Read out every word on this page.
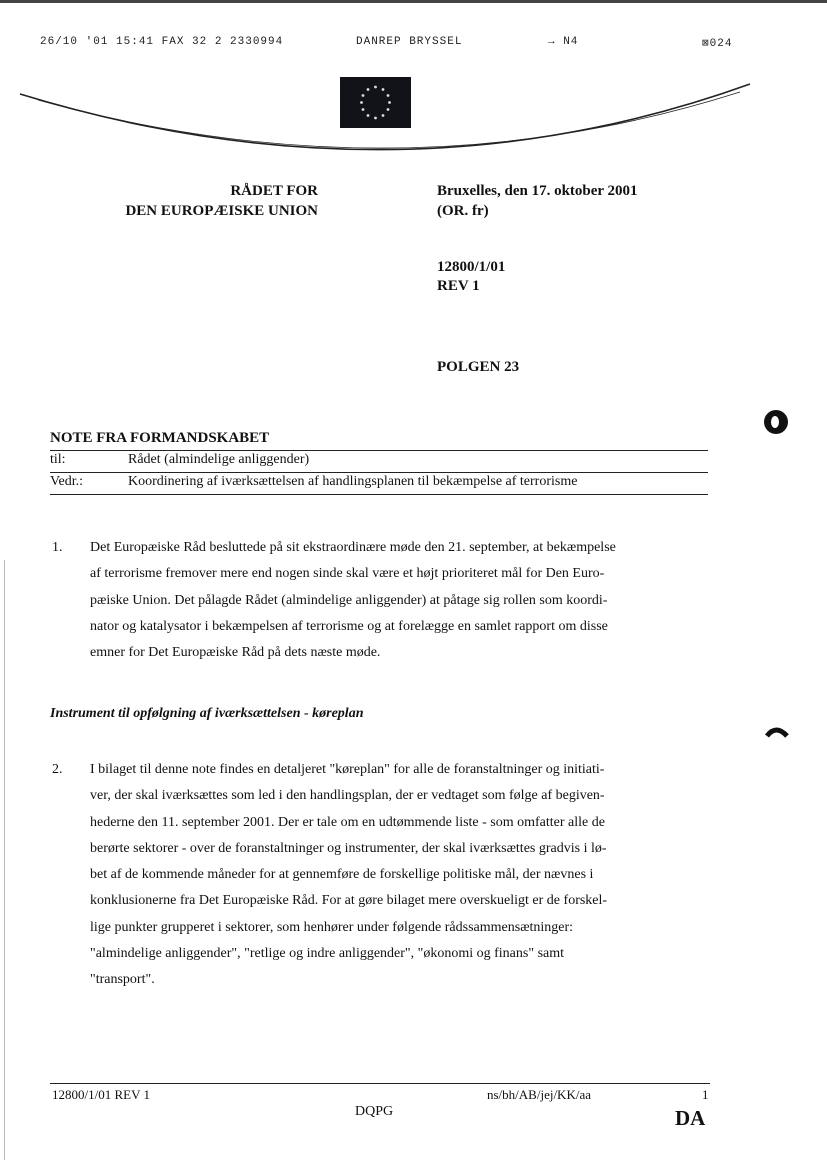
26/10 '01 15:41 FAX 32 2 2330994	DANREP BRYSSEL	→ N4	⊠024
RÅDET FOR
DEN EUROPÆISKE UNION
Bruxelles, den 17. oktober 2001
(OR. fr)
12800/1/01
REV 1
POLGEN 23
NOTE FRA FORMANDSKABET
til:	Rådet (almindelige anliggender)
Vedr.:	Koordinering af iværksættelsen af handlingsplanen til bekæmpelse af terrorisme
1. Det Europæiske Råd besluttede på sit ekstraordinære møde den 21. september, at bekæmpelse
af terrorisme fremover mere end nogen sinde skal være et højt prioriteret mål for Den Euro-
pæiske Union. Det pålagde Rådet (almindelige anliggender) at påtage sig rollen som koordi-
nator og katalysator i bekæmpelsen af terrorisme og at forelægge en samlet rapport om disse
emner for Det Europæiske Råd på dets næste møde.
Instrument til opfølgning af iværksættelsen - køreplan
2. I bilaget til denne note findes en detaljeret "køreplan" for alle de foranstaltninger og initiati-
ver, der skal iværksættes som led i den handlingsplan, der er vedtaget som følge af begiven-
hederne den 11. september 2001. Der er tale om en udtømmende liste - som omfatter alle de
berørte sektorer - over de foranstaltninger og instrumenter, der skal iværksættes gradvis i lø-
bet af de kommende måneder for at gennemføre de forskellige politiske mål, der nævnes i
konklusionerne fra Det Europæiske Råd. For at gøre bilaget mere overskueligt er de forskel-
lige punkter grupperet i sektorer, som henhører under følgende rådssammensætninger:
"almindelige anliggender", "retlige og indre anliggender", "økonomi og finans" samt
"transport".
12800/1/01 REV 1	ns/bh/AB/jej/KK/aa	1
DQPG	DA
